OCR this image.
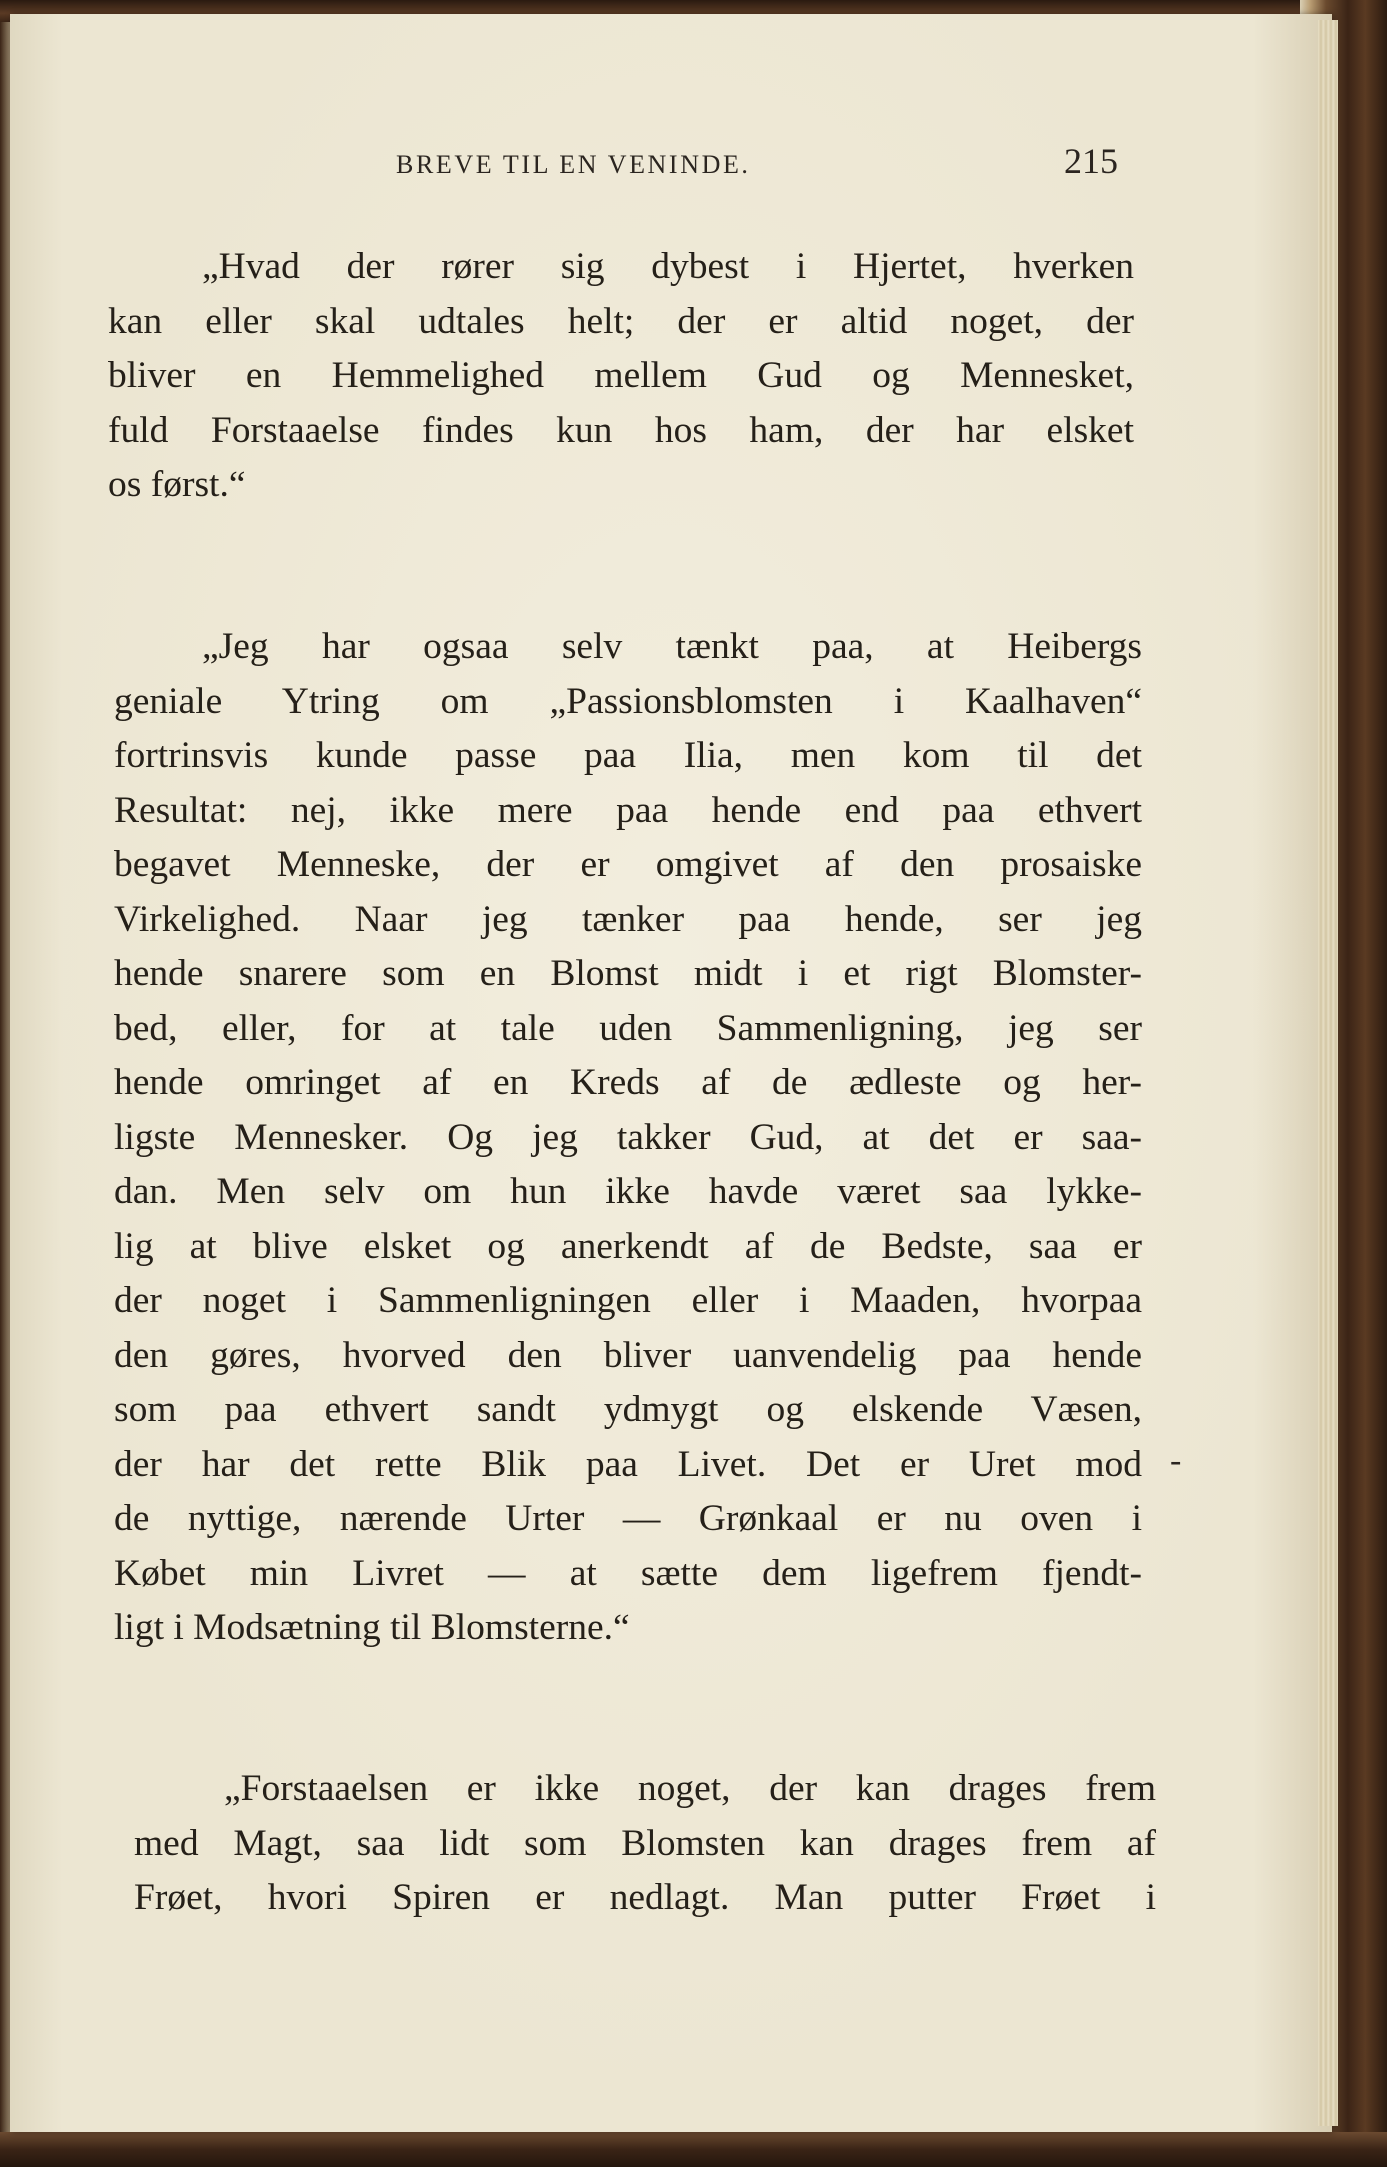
BREVE TIL EN VENINDE.	215
„Hvad der rører sig dybest i Hjertet, hverken
kan eller skal udtales helt; der er altid noget, der
bliver en Hemmelighed mellem Gud og Mennesket,
fuld Forstaaelse findes kun hos ham, der har elsket
os først.“
„Jeg har ogsaa selv tænkt paa, at Heibergs
geniale Ytring om „Passionsblomsten i Kaalhaven“
fortrinsvis kunde passe paa Ilia, men kom til det
Resultat: nej, ikke mere paa hende end paa ethvert
begavet Menneske, der er omgivet af den prosaiske
Virkelighed. Naar jeg tænker paa hende, ser jeg
hende snarere som en Blomst midt i et rigt Blomster-
bed, eller, for at tale uden Sammenligning, jeg ser
hende omringet af en Kreds af de ædleste og her-
ligste Mennesker. Og jeg takker Gud, at det er saa-
dan. Men selv om hun ikke havde været saa lykke-
lig at blive elsket og anerkendt af de Bedste, saa er
der noget i Sammenligningen eller i Maaden, hvorpaa
den gøres, hvorved den bliver uanvendelig paa hende
som paa ethvert sandt ydmygt og elskende Væsen,
der har det rette Blik paa Livet. Det er Uret mod
de nyttige, nærende Urter — Grønkaal er nu oven i
Købet min Livret — at sætte dem ligefrem fjendt-
ligt i Modsætning til Blomsterne.“
„Forstaaelsen er ikke noget, der kan drages frem
med Magt, saa lidt som Blomsten kan drages frem af
Frøet, hvori Spiren er nedlagt. Man putter Frøet i
-
